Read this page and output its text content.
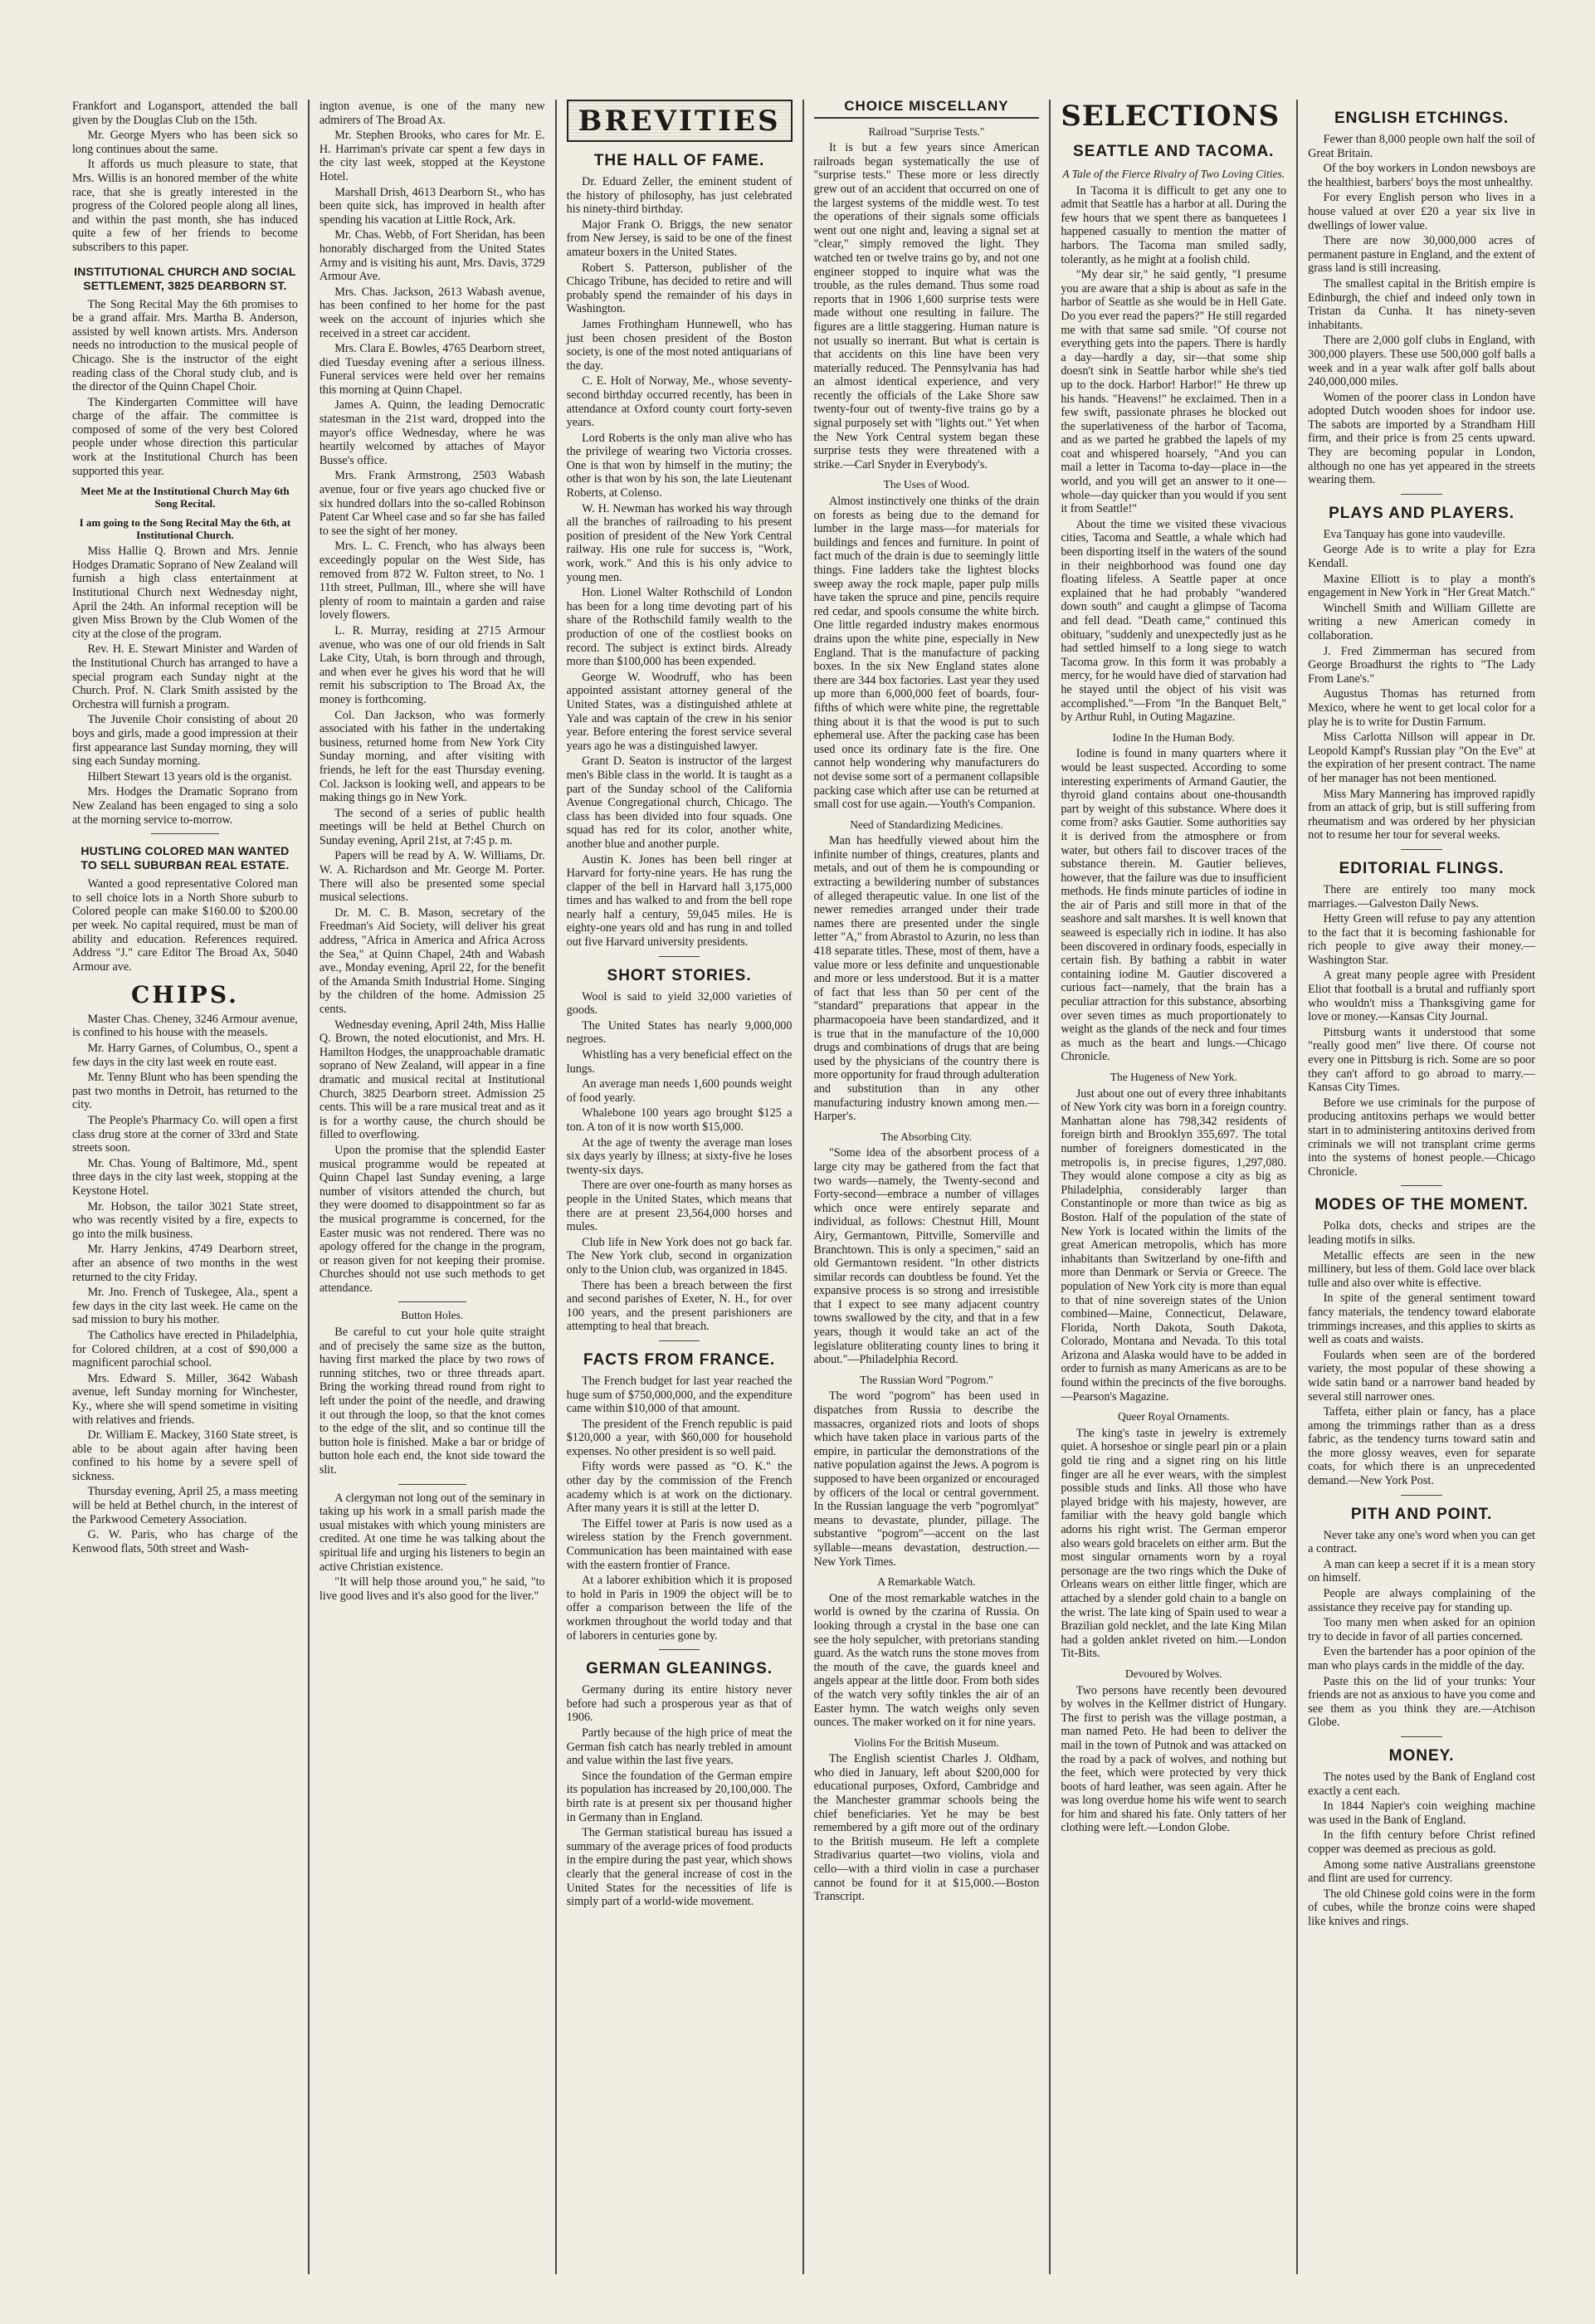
Frankfort and Logansport, attended the ball given by the Douglas Club on the 15th.

Mr. George Myers who has been sick so long continues about the same.

It affords us much pleasure to state, that Mrs. Willis is an honored member of the white race, that she is greatly interested in the progress of the Colored people along all lines, and within the past month, she has induced quite a few of her friends to become subscribers to this paper.

INSTITUTIONAL CHURCH AND SOCIAL SETTLEMENT, 3825 DEARBORN ST.

The Song Recital May the 6th promises to be a grand affair. Mrs. Martha B. Anderson, assisted by well known artists. Mrs. Anderson needs no introduction to the musical people of Chicago. She is the instructor of the eight reading class of the Choral study club, and is the director of the Quinn Chapel Choir.

The Kindergarten Committee will have charge of the affair. The committee is composed of some of the very best Colored people under whose direction this particular work at the Institutional Church has been supported this year.

Meet Me at the Institutional Church May 6th Song Recital.
I am going to the Song Recital May the 6th, at Institutional Church.

Miss Hallie Q. Brown and Mrs. Jennie Hodges Dramatic Soprano of New Zealand will furnish a high class entertainment at Institutional Church next Wednesday night, April the 24th. An informal reception will be given Miss Brown by the Club Women of the city at the close of the program.

Rev. H. E. Stewart Minister and Warden of the Institutional Church has arranged to have a special program each Sunday night at the Church. Prof. N. Clark Smith assisted by the Orchestra will furnish a program.

The Juvenile Choir consisting of about 20 boys and girls, made a good impression at their first appearance last Sunday morning, they will sing each Sunday morning.

Hilbert Stewart 13 years old is the organist.

Mrs. Hodges the Dramatic Soprano from New Zealand has been engaged to sing a solo at the morning service to-morrow.

HUSTLING COLORED MAN WANTED TO SELL SUBURBAN REAL ESTATE.

Wanted a good representative Colored man to sell choice lots in a North Shore suburb to Colored people can make $160.00 to $200.00 per week. No capital required, must be man of ability and education. References required. Address "J." care Editor The Broad Ax, 5040 Armour ave.

CHIPS.

Master Chas. Cheney, 3246 Armour avenue, is confined to his house with the measels.

Mr. Harry Garnes, of Columbus, O., spent a few days in the city last week en route east.

Mr. Tenny Blunt who has been spending the past two months in Detroit, has returned to the city.

The People's Pharmacy Co. will open a first class drug store at the corner of 33rd and State streets soon.

Mr. Chas. Young of Baltimore, Md., spent three days in the city last week, stopping at the Keystone Hotel.

Mr. Hobson, the tailor 3021 State street, who was recently visited by a fire, expects to go into the milk business.

Mr. Harry Jenkins, 4749 Dearborn street, after an absence of two months in the west returned to the city Friday.

Mr. Jno. French of Tuskegee, Ala., spent a few days in the city last week. He came on the sad mission to bury his mother.

The Catholics have erected in Philadelphia, for Colored children, at a cost of $90,000 a magnificent parochial school.

Mrs. Edward S. Miller, 3642 Wabash avenue, left Sunday morning for Winchester, Ky., where she will spend sometime in visiting with relatives and friends.

Dr. William E. Mackey, 3160 State street, is able to be about again after having been confined to his home by a severe spell of sickness.

Thursday evening, April 25, a mass meeting will be held at Bethel church, in the interest of the Parkwood Cemetery Association.

G. W. Paris, who has charge of the Kenwood flats, 50th street and Wash-

ington avenue, is one of the many new admirers of The Broad Ax.

Mr. Stephen Brooks, who cares for Mr. E. H. Harriman's private car spent a few days in the city last week, stopped at the Keystone Hotel.

Marshall Drish, 4613 Dearborn St., who has been quite sick, has improved in health after spending his vacation at Little Rock, Ark.

Mr. Chas. Webb, of Fort Sheridan, has been honorably discharged from the United States Army and is visiting his aunt, Mrs. Davis, 3729 Armour Ave.

Mrs. Chas. Jackson, 2613 Wabash avenue, has been confined to her home for the past week on the account of injuries which she received in a street car accident.

Mrs. Clara E. Bowles, 4765 Dearborn street, died Tuesday evening after a serious illness. Funeral services were held over her remains this morning at Quinn Chapel.

James A. Quinn, the leading Democratic statesman in the 21st ward, dropped into the mayor's office Wednesday, where he was heartily welcomed by attaches of Mayor Busse's office.

Mrs. Frank Armstrong, 2503 Wabash avenue, four or five years ago chucked five or six hundred dollars into the so-called Robinson Patent Car Wheel case and so far she has failed to see the sight of her money.

Mrs. L. C. French, who has always been exceedingly popular on the West Side, has removed from 872 W. Fulton street, to No. 1 11th street, Pullman, Ill., where she will have plenty of room to maintain a garden and raise lovely flowers.

L. R. Murray, residing at 2715 Armour avenue, who was one of our old friends in Salt Lake City, Utah, is born through and through, and when ever he gives his word that he will remit his subscription to The Broad Ax, the money is forthcoming.

Col. Dan Jackson, who was formerly associated with his father in the undertaking business, returned home from New York City Sunday morning, and after visiting with friends, he left for the east Thursday evening. Col. Jackson is looking well, and appears to be making things go in New York.

The second of a series of public health meetings will be held at Bethel Church on Sunday evening, April 21st, at 7:45 p. m.

Papers will be read by A. W. Williams, Dr. W. A. Richardson and Mr. George M. Porter. There will also be presented some special musical selections.

Dr. M. C. B. Mason, secretary of the Freedman's Aid Society, will deliver his great address, "Africa in America and Africa Across the Sea," at Quinn Chapel, 24th and Wabash ave., Monday evening, April 22, for the benefit of the Amanda Smith Industrial Home. Singing by the children of the home. Admission 25 cents.

Wednesday evening, April 24th, Miss Hallie Q. Brown, the noted elocutionist, and Mrs. H. Hamilton Hodges, the unapproachable dramatic soprano of New Zealand, will appear in a fine dramatic and musical recital at Institutional Church, 3825 Dearborn street. Admission 25 cents. This will be a rare musical treat and as it is for a worthy cause, the church should be filled to overflowing.

Upon the promise that the splendid Easter musical programme would be repeated at Quinn Chapel last Sunday evening, a large number of visitors attended the church, but they were doomed to disappointment so far as the musical programme is concerned, for the Easter music was not rendered. There was no apology offered for the change in the program, or reason given for not keeping their promise. Churches should not use such methods to get attendance.

Button Holes.

Be careful to cut your hole quite straight and of precisely the same size as the button, having first marked the place by two rows of running stitches, two or three threads apart. Bring the working thread round from right to left under the point of the needle, and drawing it out through the loop, so that the knot comes to the edge of the slit, and so continue till the button hole is finished. Make a bar or bridge of button hole each end, the knot side toward the slit.

A clergyman not long out of the seminary in taking up his work in a small parish made the usual mistakes with which young ministers are credited. At one time he was talking about the spiritual life and urging his listeners to begin an active Christian existence.

"It will help those around you," he said, "to live good lives and it's also good for the liver."

BREVITIES
THE HALL OF FAME.

Dr. Eduard Zeller, the eminent student of the history of philosophy, has just celebrated his ninety-third birthday.

Major Frank O. Briggs, the new senator from New Jersey, is said to be one of the finest amateur boxers in the United States.

Robert S. Patterson, publisher of the Chicago Tribune, has decided to retire and will probably spend the remainder of his days in Washington.

James Frothingham Hunnewell, who has just been chosen president of the Boston society, is one of the most noted antiquarians of the day.

C. E. Holt of Norway, Me., whose seventy-second birthday occurred recently, has been in attendance at Oxford county court forty-seven years.

Lord Roberts is the only man alive who has the privilege of wearing two Victoria crosses. One is that won by himself in the mutiny; the other is that won by his son, the late Lieutenant Roberts, at Colenso.

W. H. Newman has worked his way through all the branches of railroading to his present position of president of the New York Central railway. His one rule for success is, "Work, work, work." And this is his only advice to young men.

Hon. Lionel Walter Rothschild of London has been for a long time devoting part of his share of the Rothschild family wealth to the production of one of the costliest books on record. The subject is extinct birds. Already more than $100,000 has been expended.

George W. Woodruff, who has been appointed assistant attorney general of the United States, was a distinguished athlete at Yale and was captain of the crew in his senior year. Before entering the forest service several years ago he was a distinguished lawyer.

Grant D. Seaton is instructor of the largest men's Bible class in the world. It is taught as a part of the Sunday school of the California Avenue Congregational church, Chicago. The class has been divided into four squads. One squad has red for its color, another white, another blue and another purple.

Austin K. Jones has been bell ringer at Harvard for forty-nine years. He has rung the clapper of the bell in Harvard hall 3,175,000 times and has walked to and from the bell rope nearly half a century, 59,045 miles. He is eighty-one years old and has rung in and tolled out five Harvard university presidents.

SHORT STORIES.

Wool is said to yield 32,000 varieties of goods.

The United States has nearly 9,000,000 negroes.

Whistling has a very beneficial effect on the lungs.

An average man needs 1,600 pounds weight of food yearly.

Whalebone 100 years ago brought $125 a ton. A ton of it is now worth $15,000.

At the age of twenty the average man loses six days yearly by illness; at sixty-five he loses twenty-six days.

There are over one-fourth as many horses as people in the United States, which means that there are at present 23,564,000 horses and mules.

Club life in New York does not go back far. The New York club, second in organization only to the Union club, was organized in 1845.

There has been a breach between the first and second parishes of Exeter, N. H., for over 100 years, and the present parishioners are attempting to heal that breach.

FACTS FROM FRANCE.

The French budget for last year reached the huge sum of $750,000,000, and the expenditure came within $10,000 of that amount.

The president of the French republic is paid $120,000 a year, with $60,000 for household expenses. No other president is so well paid.

Fifty words were passed as "O. K." the other day by the commission of the French academy which is at work on the dictionary. After many years it is still at the letter D.

The Eiffel tower at Paris is now used as a wireless station by the French government. Communication has been maintained with ease with the eastern frontier of France.

At a laborer exhibition which it is proposed to hold in Paris in 1909 the object will be to offer a comparison between the life of the workmen throughout the world today and that of laborers in centuries gone by.

GERMAN GLEANINGS.

Germany during its entire history never before had such a prosperous year as that of 1906.

Partly because of the high price of meat the German fish catch has nearly trebled in amount and value within the last five years.

Since the foundation of the German empire its population has increased by 20,100,000. The birth rate is at present six per thousand higher in Germany than in England.

The German statistical bureau has issued a summary of the average prices of food products in the empire during the past year, which shows clearly that the general increase of cost in the United States for the necessities of life is simply part of a world-wide movement.

CHOICE MISCELLANY
Railroad "Surprise Tests."

It is but a few years since American railroads began systematically the use of "surprise tests." These more or less directly grew out of an accident that occurred on one of the largest systems of the middle west. To test the operations of their signals some officials went out one night and, leaving a signal set at "clear," simply removed the light. They watched ten or twelve trains go by, and not one engineer stopped to inquire what was the trouble, as the rules demand. Thus some road reports that in 1906 1,600 surprise tests were made without one resulting in failure. The figures are a little staggering. Human nature is not usually so inerrant. But what is certain is that accidents on this line have been very materially reduced. The Pennsylvania has had an almost identical experience, and very recently the officials of the Lake Shore saw twenty-four out of twenty-five trains go by a signal purposely set with "lights out." Yet when the New York Central system began these surprise tests they were threatened with a strike.—Carl Snyder in Everybody's.

The Uses of Wood.

Almost instinctively one thinks of the drain on forests as being due to the demand for lumber in the large mass—for materials for buildings and fences and furniture. In point of fact much of the drain is due to seemingly little things. Fine ladders take the lightest blocks sweep away the rock maple, paper pulp mills have taken the spruce and pine, pencils require red cedar, and spools consume the white birch. One little regarded industry makes enormous drains upon the white pine, especially in New England. That is the manufacture of packing boxes. In the six New England states alone there are 344 box factories. Last year they used up more than 6,000,000 feet of boards, four-fifths of which were white pine, the regrettable thing about it is that the wood is put to such ephemeral use. After the packing case has been used once its ordinary fate is the fire. One cannot help wondering why manufacturers do not devise some sort of a permanent collapsible packing case which after use can be returned at small cost for use again.—Youth's Companion.

Need of Standardizing Medicines.

Man has heedfully viewed about him the infinite number of things, creatures, plants and metals, and out of them he is compounding or extracting a bewildering number of substances of alleged therapeutic value. In one list of the newer remedies arranged under their trade names there are presented under the single letter "A," from Abrastol to Azurin, no less than 418 separate titles. These, most of them, have a value more or less definite and unquestionable and more or less understood. But it is a matter of fact that less than 50 per cent of the "standard" preparations that appear in the pharmacopoeia have been standardized, and it is true that in the manufacture of the 10,000 drugs and combinations of drugs that are being used by the physicians of the country there is more opportunity for fraud through adulteration and substitution than in any other manufacturing industry known among men.—Harper's.

The Absorbing City.

"Some idea of the absorbent process of a large city may be gathered from the fact that two wards—namely, the Twenty-second and Forty-second—embrace a number of villages which once were entirely separate and individual, as follows: Chestnut Hill, Mount Airy, Germantown, Pittville, Somerville and Branchtown. This is only a specimen," said an old Germantown resident. "In other districts similar records can doubtless be found. Yet the expansive process is so strong and irresistible that I expect to see many adjacent country towns swallowed by the city, and that in a few years, though it would take an act of the legislature obliterating county lines to bring it about."—Philadelphia Record.

The Russian Word "Pogrom."

The word "pogrom" has been used in dispatches from Russia to describe the massacres, organized riots and loots of shops which have taken place in various parts of the empire, in particular the demonstrations of the native population against the Jews. A pogrom is supposed to have been organized or encouraged by officers of the local or central government. In the Russian language the verb "pogromlyat" means to devastate, plunder, pillage. The substantive "pogrom"—accent on the last syllable—means devastation, destruction.—New York Times.

A Remarkable Watch.

One of the most remarkable watches in the world is owned by the czarina of Russia. On looking through a crystal in the base one can see the holy sepulcher, with pretorians standing guard. As the watch runs the stone moves from the mouth of the cave, the guards kneel and angels appear at the little door. From both sides of the watch very softly tinkles the air of an Easter hymn. The watch weighs only seven ounces. The maker worked on it for nine years.

Violins For the British Museum.

The English scientist Charles J. Oldham, who died in January, left about $200,000 for educational purposes, Oxford, Cambridge and the Manchester grammar schools being the chief beneficiaries. Yet he may be best remembered by a gift more out of the ordinary to the British museum. He left a complete Stradivarius quartet—two violins, viola and cello—with a third violin in case a purchaser cannot be found for it at $15,000.—Boston Transcript.

SELECTIONS
SEATTLE AND TACOMA.
A Tale of the Fierce Rivalry of Two Loving Cities.

In Tacoma it is difficult to get any one to admit that Seattle has a harbor at all. During the few hours that we spent there as banquetees I happened casually to mention the matter of harbors. The Tacoma man smiled sadly, tolerantly, as he might at a foolish child.

"My dear sir," he said gently, "I presume you are aware that a ship is about as safe in the harbor of Seattle as she would be in Hell Gate. Do you ever read the papers?" He still regarded me with that same sad smile. "Of course not everything gets into the papers. There is hardly a day—hardly a day, sir—that some ship doesn't sink in Seattle harbor while she's tied up to the dock. Harbor! Harbor!" He threw up his hands. "Heavens!" he exclaimed. Then in a few swift, passionate phrases he blocked out the superlativeness of the harbor of Tacoma, and as we parted he grabbed the lapels of my coat and whispered hoarsely, "And you can mail a letter in Tacoma to-day—place in—the world, and you will get an answer to it one—whole—day quicker than you would if you sent it from Seattle!"

About the time we visited these vivacious cities, Tacoma and Seattle, a whale which had been disporting itself in the waters of the sound in their neighborhood was found one day floating lifeless. A Seattle paper at once explained that he had probably "wandered down south" and caught a glimpse of Tacoma and fell dead. "Death came," continued this obituary, "suddenly and unexpectedly just as he had settled himself to a long siege to watch Tacoma grow. In this form it was probably a mercy, for he would have died of starvation had he stayed until the object of his visit was accomplished."—From "In the Banquet Belt," by Arthur Ruhl, in Outing Magazine.

Iodine In the Human Body.

Iodine is found in many quarters where it would be least suspected. According to some interesting experiments of Armand Gautier, the thyroid gland contains about one-thousandth part by weight of this substance. Where does it come from? asks Gautier. Some authorities say it is derived from the atmosphere or from water, but others fail to discover traces of the substance therein. M. Gautier believes, however, that the failure was due to insufficient methods. He finds minute particles of iodine in the air of Paris and still more in that of the seashore and salt marshes. It is well known that seaweed is especially rich in iodine. It has also been discovered in ordinary foods, especially in certain fish. By bathing a rabbit in water containing iodine M. Gautier discovered a curious fact—namely, that the brain has a peculiar attraction for this substance, absorbing over seven times as much proportionately to weight as the glands of the neck and four times as much as the heart and lungs.—Chicago Chronicle.

The Hugeness of New York.

Just about one out of every three inhabitants of New York city was born in a foreign country. Manhattan alone has 798,342 residents of foreign birth and Brooklyn 355,697. The total number of foreigners domesticated in the metropolis is, in precise figures, 1,297,080. They would alone compose a city as big as Philadelphia, considerably larger than Constantinople or more than twice as big as Boston. Half of the population of the state of New York is located within the limits of the great American metropolis, which has more inhabitants than Switzerland by one-fifth and more than Denmark or Servia or Greece. The population of New York city is more than equal to that of nine sovereign states of the Union combined—Maine, Connecticut, Delaware, Florida, North Dakota, South Dakota, Colorado, Montana and Nevada. To this total Arizona and Alaska would have to be added in order to furnish as many Americans as are to be found within the precincts of the five boroughs.—Pearson's Magazine.

Queer Royal Ornaments.

The king's taste in jewelry is extremely quiet. A horseshoe or single pearl pin or a plain gold tie ring and a signet ring on his little finger are all he ever wears, with the simplest possible studs and links. All those who have played bridge with his majesty, however, are familiar with the heavy gold bangle which adorns his right wrist. The German emperor also wears gold bracelets on either arm. But the most singular ornaments worn by a royal personage are the two rings which the Duke of Orleans wears on either little finger, which are attached by a slender gold chain to a bangle on the wrist. The late king of Spain used to wear a Brazilian gold necklet, and the late King Milan had a golden anklet riveted on him.—London Tit-Bits.

Devoured by Wolves.

Two persons have recently been devoured by wolves in the Kellmer district of Hungary. The first to perish was the village postman, a man named Peto. He had been to deliver the mail in the town of Putnok and was attacked on the road by a pack of wolves, and nothing but the feet, which were protected by very thick boots of hard leather, was seen again. After he was long overdue home his wife went to search for him and shared his fate. Only tatters of her clothing were left.—London Globe.

ENGLISH ETCHINGS.

Fewer than 8,000 people own half the soil of Great Britain.

Of the boy workers in London newsboys are the healthiest, barbers' boys the most unhealthy.

For every English person who lives in a house valued at over £20 a year six live in dwellings of lower value.

There are now 30,000,000 acres of permanent pasture in England, and the extent of grass land is still increasing.

The smallest capital in the British empire is Edinburgh, the chief and indeed only town in Tristan da Cunha. It has ninety-seven inhabitants.

There are 2,000 golf clubs in England, with 300,000 players. These use 500,000 golf balls a week and in a year walk after golf balls about 240,000,000 miles.

Women of the poorer class in London have adopted Dutch wooden shoes for indoor use. The sabots are imported by a Strandham Hill firm, and their price is from 25 cents upward. They are becoming popular in London, although no one has yet appeared in the streets wearing them.

PLAYS AND PLAYERS.

Eva Tanquay has gone into vaudeville.

George Ade is to write a play for Ezra Kendall.

Maxine Elliott is to play a month's engagement in New York in "Her Great Match."

Winchell Smith and William Gillette are writing a new American comedy in collaboration.

J. Fred Zimmerman has secured from George Broadhurst the rights to "The Lady From Lane's."

Augustus Thomas has returned from Mexico, where he went to get local color for a play he is to write for Dustin Farnum.

Miss Carlotta Nillson will appear in Dr. Leopold Kampf's Russian play "On the Eve" at the expiration of her present contract. The name of her manager has not been mentioned.

Miss Mary Mannering has improved rapidly from an attack of grip, but is still suffering from rheumatism and was ordered by her physician not to resume her tour for several weeks.

EDITORIAL FLINGS.

There are entirely too many mock marriages.—Galveston Daily News.

Hetty Green will refuse to pay any attention to the fact that it is becoming fashionable for rich people to give away their money.—Washington Star.

A great many people agree with President Eliot that football is a brutal and ruffianly sport who wouldn't miss a Thanksgiving game for love or money.—Kansas City Journal.

Pittsburg wants it understood that some "really good men" live there. Of course not every one in Pittsburg is rich. Some are so poor they can't afford to go abroad to marry.—Kansas City Times.

Before we use criminals for the purpose of producing antitoxins perhaps we would better start in to administering antitoxins derived from criminals we will not transplant crime germs into the systems of honest people.—Chicago Chronicle.

MODES OF THE MOMENT.

Polka dots, checks and stripes are the leading motifs in silks.

Metallic effects are seen in the new millinery, but less of them. Gold lace over black tulle and also over white is effective.

In spite of the general sentiment toward fancy materials, the tendency toward elaborate trimmings increases, and this applies to skirts as well as coats and waists.

Foulards when seen are of the bordered variety, the most popular of these showing a wide satin band or a narrower band headed by several still narrower ones.

Taffeta, either plain or fancy, has a place among the trimmings rather than as a dress fabric, as the tendency turns toward satin and the more glossy weaves, even for separate coats, for which there is an unprecedented demand.—New York Post.

PITH AND POINT.

Never take any one's word when you can get a contract.

A man can keep a secret if it is a mean story on himself.

People are always complaining of the assistance they receive pay for standing up.

Too many men when asked for an opinion try to decide in favor of all parties concerned.

Even the bartender has a poor opinion of the man who plays cards in the middle of the day.

Paste this on the lid of your trunks: Your friends are not as anxious to have you come and see them as you think they are.—Atchison Globe.

MONEY.

The notes used by the Bank of England cost exactly a cent each.

In 1844 Napier's coin weighing machine was used in the Bank of England.

In the fifth century before Christ refined copper was deemed as precious as gold.

Among some native Australians greenstone and flint are used for currency.

The old Chinese gold coins were in the form of cubes, while the bronze coins were shaped like knives and rings.
